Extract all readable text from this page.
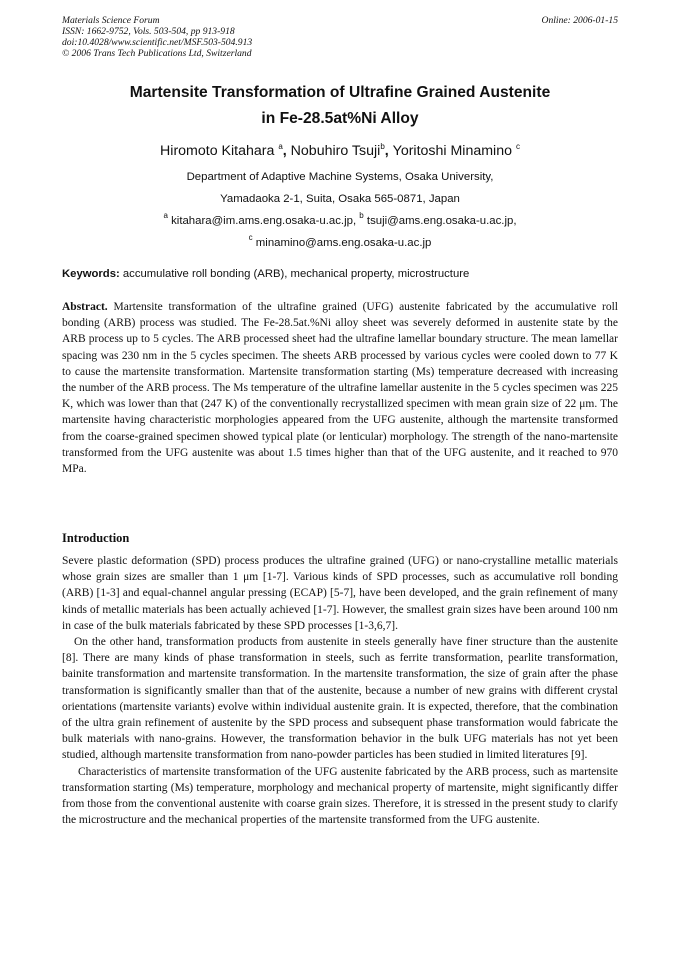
Materials Science Forum
ISSN: 1662-9752, Vols. 503-504, pp 913-918
doi:10.4028/www.scientific.net/MSF.503-504.913
© 2006 Trans Tech Publications Ltd, Switzerland
Online: 2006-01-15
Martensite Transformation of Ultrafine Grained Austenite
in Fe-28.5at%Ni Alloy
Hiromoto Kitahara $^a$, Nobuhiro Tsuji$^b$, Yoritoshi Minamino $^c$
Department of Adaptive Machine Systems, Osaka University,
Yamadaoka 2-1, Suita, Osaka 565-0871, Japan
$^a$ kitahara@im.ams.eng.osaka-u.ac.jp, $^b$ tsuji@ams.eng.osaka-u.ac.jp,
$^c$ minamino@ams.eng.osaka-u.ac.jp
Keywords: accumulative roll bonding (ARB), mechanical property, microstructure
Abstract. Martensite transformation of the ultrafine grained (UFG) austenite fabricated by the accumulative roll bonding (ARB) process was studied. The Fe-28.5at.%Ni alloy sheet was severely deformed in austenite state by the ARB process up to 5 cycles. The ARB processed sheet had the ultrafine lamellar boundary structure. The mean lamellar spacing was 230 nm in the 5 cycles specimen. The sheets ARB processed by various cycles were cooled down to 77 K to cause the martensite transformation. Martensite transformation starting (Ms) temperature decreased with increasing the number of the ARB process. The Ms temperature of the ultrafine lamellar austenite in the 5 cycles specimen was 225 K, which was lower than that (247 K) of the conventionally recrystallized specimen with mean grain size of 22 μm. The martensite having characteristic morphologies appeared from the UFG austenite, although the martensite transformed from the coarse-grained specimen showed typical plate (or lenticular) morphology. The strength of the nano-martensite transformed from the UFG austenite was about 1.5 times higher than that of the UFG austenite, and it reached to 970 MPa.
Introduction

Severe plastic deformation (SPD) process produces the ultrafine grained (UFG) or nano-crystalline metallic materials whose grain sizes are smaller than 1 μm [1-7]. Various kinds of SPD processes, such as accumulative roll bonding (ARB) [1-3] and equal-channel angular pressing (ECAP) [5-7], have been developed, and the grain refinement of many kinds of metallic materials has been actually achieved [1-7]. However, the smallest grain sizes have been around 100 nm in case of the bulk materials fabricated by these SPD processes [1-3,6,7].

On the other hand, transformation products from austenite in steels generally have finer structure than the austenite [8]. There are many kinds of phase transformation in steels, such as ferrite transformation, pearlite transformation, bainite transformation and martensite transformation. In the martensite transformation, the size of grain after the phase transformation is significantly smaller than that of the austenite, because a number of new grains with different crystal orientations (martensite variants) evolve within individual austenite grain. It is expected, therefore, that the combination of the ultra grain refinement of austenite by the SPD process and subsequent phase transformation would fabricate the bulk materials with nano-grains. However, the transformation behavior in the bulk UFG materials has not yet been studied, although martensite transformation from nano-powder particles has been studied in limited literatures [9].

Characteristics of martensite transformation of the UFG austenite fabricated by the ARB process, such as martensite transformation starting (Ms) temperature, morphology and mechanical property of martensite, might significantly differ from those from the conventional austenite with coarse grain sizes. Therefore, it is stressed in the present study to clarify the microstructure and the mechanical properties of the martensite transformed from the UFG austenite.
